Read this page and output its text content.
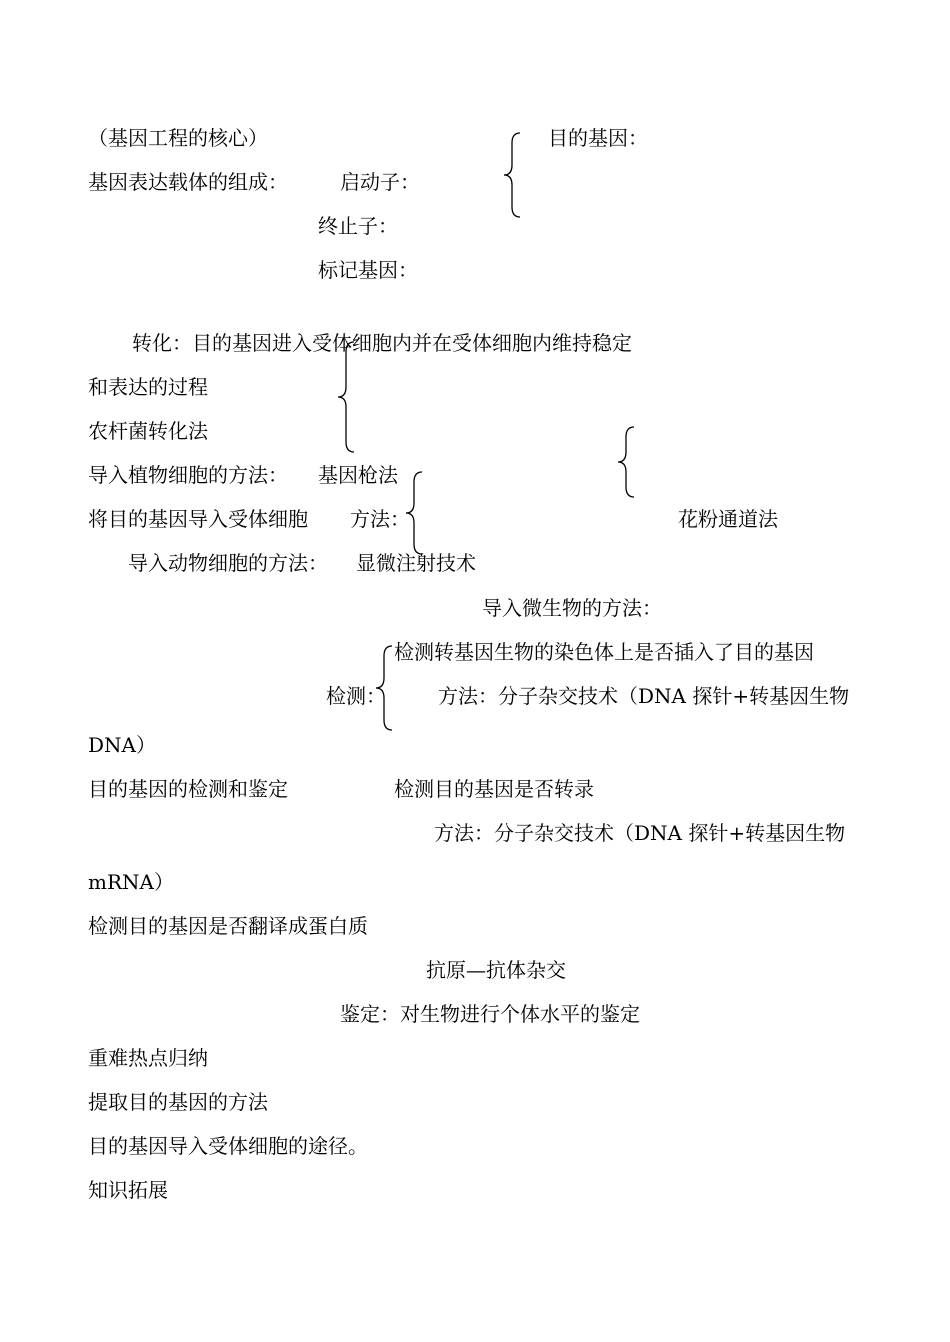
（基因工程的核心）	目的基因：
基因表达载体的组成：	启动子：
终止子：
标记基因：
转化：目的基因进入受体细胞内并在受体细胞内维持稳定
和表达的过程
农杆菌转化法
导入植物细胞的方法： 基因枪法
将目的基因导入受体细胞 方法：	花粉通道法
导入动物细胞的方法： 显微注射技术
导入微生物的方法：
检测转基因生物的染色体上是否插入了目的基因
检测：	方法：分子杂交技术（DNA 探针+转基因生物
DNA）
目的基因的检测和鉴定	检测目的基因是否转录
方法：分子杂交技术（DNA 探针+转基因生物
mRNA）
检测目的基因是否翻译成蛋白质
抗原—抗体杂交
鉴定：对生物进行个体水平的鉴定
重难热点归纳
提取目的基因的方法
目的基因导入受体细胞的途径。
知识拓展
